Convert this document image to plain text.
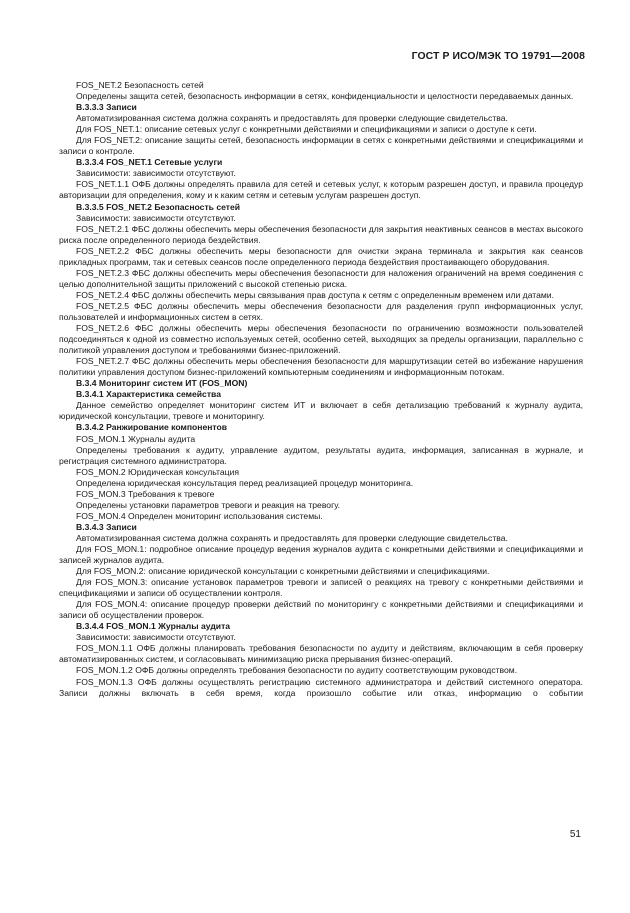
ГОСТ Р ИСО/МЭК ТО 19791—2008

FOS_NET.2 Безопасность сетей

Определены защита сетей, безопасность информации в сетях, конфиденциальности и целостности передаваемых данных.

B.3.3.3 Записи

Автоматизированная система должна сохранять и предоставлять для проверки следующие свидетельства.

Для FOS_NET.1: описание сетевых услуг с конкретными действиями и спецификациями и записи о доступе к сети.

Для FOS_NET.2: описание защиты сетей, безопасность информации в сетях с конкретными действиями и спецификациями и записи о контроле.

B.3.3.4 FOS_NET.1 Сетевые услуги

Зависимости: зависимости отсутствуют.

FOS_NET.1.1 ОФБ должны определять правила для сетей и сетевых услуг, к которым разрешен доступ, и правила процедур авторизации для определения, кому и к каким сетям и сетевым услугам разрешен доступ.

B.3.3.5 FOS_NET.2 Безопасность сетей

Зависимости: зависимости отсутствуют.

FOS_NET.2.1 ФБС должны обеспечить меры обеспечения безопасности для закрытия неактивных сеансов в местах высокого риска после определенного периода бездействия.

FOS_NET.2.2 ФБС должны обеспечить меры безопасности для очистки экрана терминала и закрытия как сеансов прикладных программ, так и сетевых сеансов после определенного периода бездействия простаивающего оборудования.

FOS_NET.2.3 ФБС должны обеспечить меры обеспечения безопасности для наложения ограничений на время соединения с целью дополнительной защиты приложений с высокой степенью риска.

FOS_NET.2.4 ФБС должны обеспечить меры связывания прав доступа к сетям с определенным временем или датами.

FOS_NET.2.5 ФБС должны обеспечить меры обеспечения безопасности для разделения групп информационных услуг, пользователей и информационных систем в сетях.

FOS_NET.2.6 ФБС должны обеспечить меры обеспечения безопасности по ограничению возможности пользователей подсоединяться к одной из совместно используемых сетей, особенно сетей, выходящих за пределы организации, параллельно с политикой управления доступом и требованиями бизнес-приложений.

FOS_NET.2.7 ФБС должны обеспечить меры обеспечения безопасности для маршрутизации сетей во избежание нарушения политики управления доступом бизнес-приложений компьютерным соединениям и информационным потокам.

B.3.4 Мониторинг систем ИТ (FOS_MON)

B.3.4.1 Характеристика семейства

Данное семейство определяет мониторинг систем ИТ и включает в себя детализацию требований к журналу аудита, юридической консультации, тревоге и мониторингу.

B.3.4.2 Ранжирование компонентов

FOS_MON.1 Журналы аудита

Определены требования к аудиту, управление аудитом, результаты аудита, информация, записанная в журнале, и регистрация системного администратора.

FOS_MON.2 Юридическая консультация

Определена юридическая консультация перед реализацией процедур мониторинга.

FOS_MON.3 Требования к тревоге

Определены установки параметров тревоги и реакция на тревогу.

FOS_MON.4 Определен мониторинг использования системы.

B.3.4.3 Записи

Автоматизированная система должна сохранять и предоставлять для проверки следующие свидетельства.

Для FOS_MON.1: подробное описание процедур ведения журналов аудита с конкретными действиями и спецификациями и записей журналов аудита.

Для FOS_MON.2: описание юридической консультации с конкретными действиями и спецификациями.

Для FOS_MON.3: описание установок параметров тревоги и записей о реакциях на тревогу с конкретными действиями и спецификациями и записи об осуществлении контроля.

Для FOS_MON.4: описание процедур проверки действий по мониторингу с конкретными действиями и спецификациями и записи об осуществлении проверок.

B.3.4.4 FOS_MON.1 Журналы аудита

Зависимости: зависимости отсутствуют.

FOS_MON.1.1 ОФБ должны планировать требования безопасности по аудиту и действиям, включающим в себя проверку автоматизированных систем, и согласовывать минимизацию риска прерывания бизнес-операций.

FOS_MON.1.2 ОФБ должны определять требования безопасности по аудиту соответствующим руководством.

FOS_MON.1.3 ОФБ должны осуществлять регистрацию системного администратора и действий системного оператора. Записи должны включать в себя время, когда произошло событие или отказ, информацию о событии

51
